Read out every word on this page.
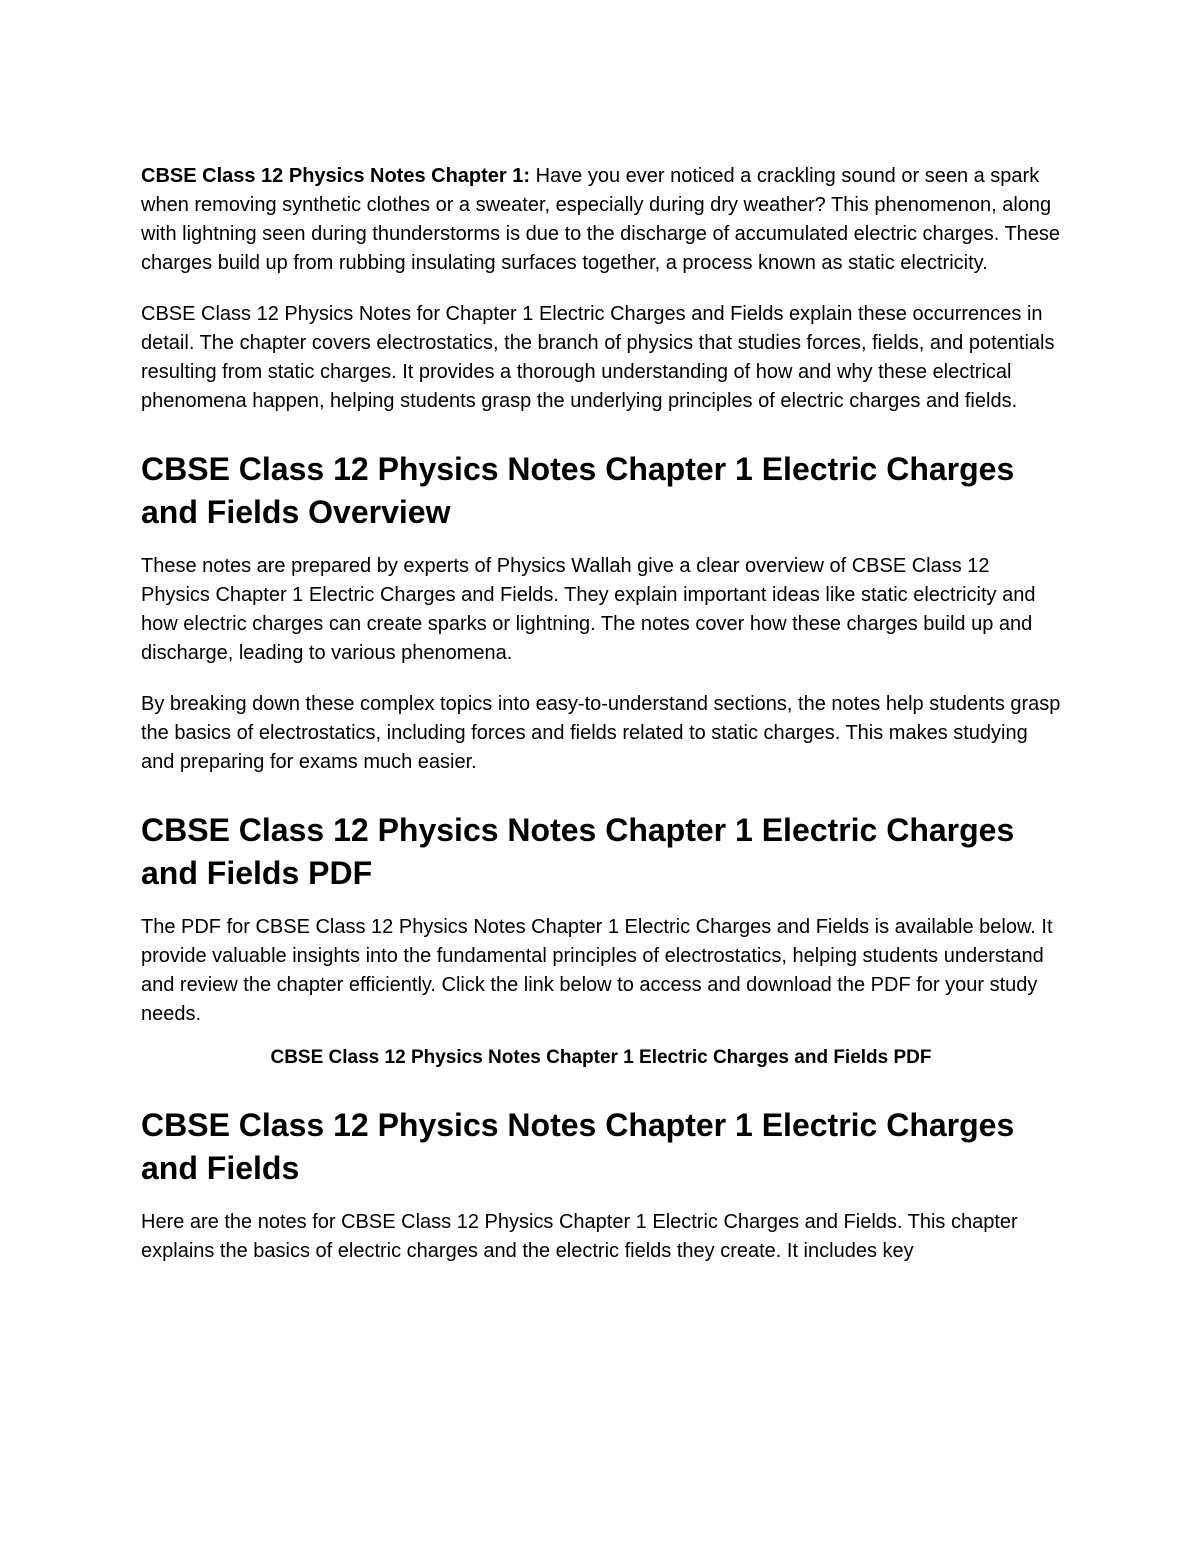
CBSE Class 12 Physics Notes Chapter 1: Have you ever noticed a crackling sound or seen a spark when removing synthetic clothes or a sweater, especially during dry weather? This phenomenon, along with lightning seen during thunderstorms is due to the discharge of accumulated electric charges. These charges build up from rubbing insulating surfaces together, a process known as static electricity.

CBSE Class 12 Physics Notes for Chapter 1 Electric Charges and Fields explain these occurrences in detail. The chapter covers electrostatics, the branch of physics that studies forces, fields, and potentials resulting from static charges. It provides a thorough understanding of how and why these electrical phenomena happen, helping students grasp the underlying principles of electric charges and fields.

CBSE Class 12 Physics Notes Chapter 1 Electric Charges and Fields Overview

These notes are prepared by experts of Physics Wallah give a clear overview of CBSE Class 12 Physics Chapter 1 Electric Charges and Fields. They explain important ideas like static electricity and how electric charges can create sparks or lightning. The notes cover how these charges build up and discharge, leading to various phenomena.

By breaking down these complex topics into easy-to-understand sections, the notes help students grasp the basics of electrostatics, including forces and fields related to static charges. This makes studying and preparing for exams much easier.

CBSE Class 12 Physics Notes Chapter 1 Electric Charges and Fields PDF

The PDF for CBSE Class 12 Physics Notes Chapter 1 Electric Charges and Fields is available below. It provide valuable insights into the fundamental principles of electrostatics, helping students understand and review the chapter efficiently. Click the link below to access and download the PDF for your study needs.

CBSE Class 12 Physics Notes Chapter 1 Electric Charges and Fields PDF

CBSE Class 12 Physics Notes Chapter 1 Electric Charges and Fields

Here are the notes for CBSE Class 12 Physics Chapter 1 Electric Charges and Fields. This chapter explains the basics of electric charges and the electric fields they create. It includes key
